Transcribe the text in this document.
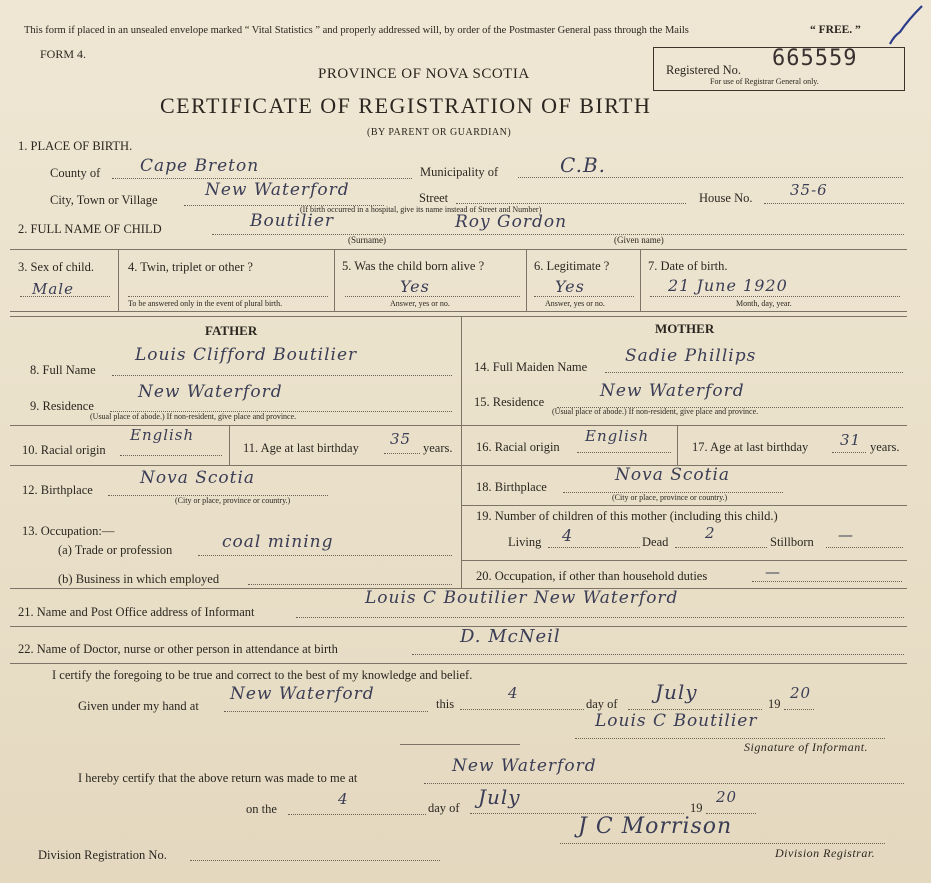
This form if placed in an unsealed envelope marked “ Vital Statistics ” and properly addressed will, by order of the Postmaster General pass through the Mails	“ FREE. ”
FORM 4.
PROVINCE OF NOVA SCOTIA	Registered No. 665559
For use of Registrar General only.
CERTIFICATE OF REGISTRATION OF BIRTH
(BY PARENT OR GUARDIAN)
1. PLACE OF BIRTH.
County of Cape Breton	Municipality of	C.B.
City, Town or Village	New Waterford	Street
(If birth occurred in a hospital, give its name instead of Street and Number)
House No.	35-6
2. FULL NAME OF CHILD	Boutilier	Roy Gordon
(Surname)	(Given name)
3. Sex of child.
Male
4. Twin, triplet or other ?
To be answered only in the event of plural birth.
5. Was the child born alive ?
Yes
Answer, yes or no.
6. Legitimate ?
Yes
Answer, yes or no.
7. Date of birth.
21 June 1920
Month, day, year.
FATHER	MOTHER
8. Full Name
Louis Clifford Boutilier
14. Full Maiden Name
Sadie Phillips
9. Residence
New Waterford
(Usual place of abode.) If non-resident, give place and province.
15. Residence
New Waterford
(Usual place of abode.) If non-resident, give place and province.
10. Racial origin
English
11. Age at last birthday 35 years. 16. Racial origin
English
17. Age at last birthday 31 years.
12. Birthplace
Nova Scotia
(City or place, province or country.)
18. Birthplace
Nova Scotia
(City or place, province or country.)
13. Occupation:—
(a) Trade or profession	coal mining
19. Number of children of this mother (including this child.)
Living 4	Dead 2	Stillborn —
(b) Business in which employed	20. Occupation, if other than household duties	—
21. Name and Post Office address of Informant
Louis C Boutilier New Waterford
22. Name of Doctor, nurse or other person in attendance at birth
D. McNeil
I certify the foregoing to be true and correct to the best of my knowledge and belief.
Given under my hand at
New Waterford	this
4
day of July	19
20
Louis C Boutilier
Signature of Informant.
I hereby certify that the above return was made to me at
New Waterford
on the
4	day of July	19
20
J C Morrison
Division Registration No.	Division Registrar.
